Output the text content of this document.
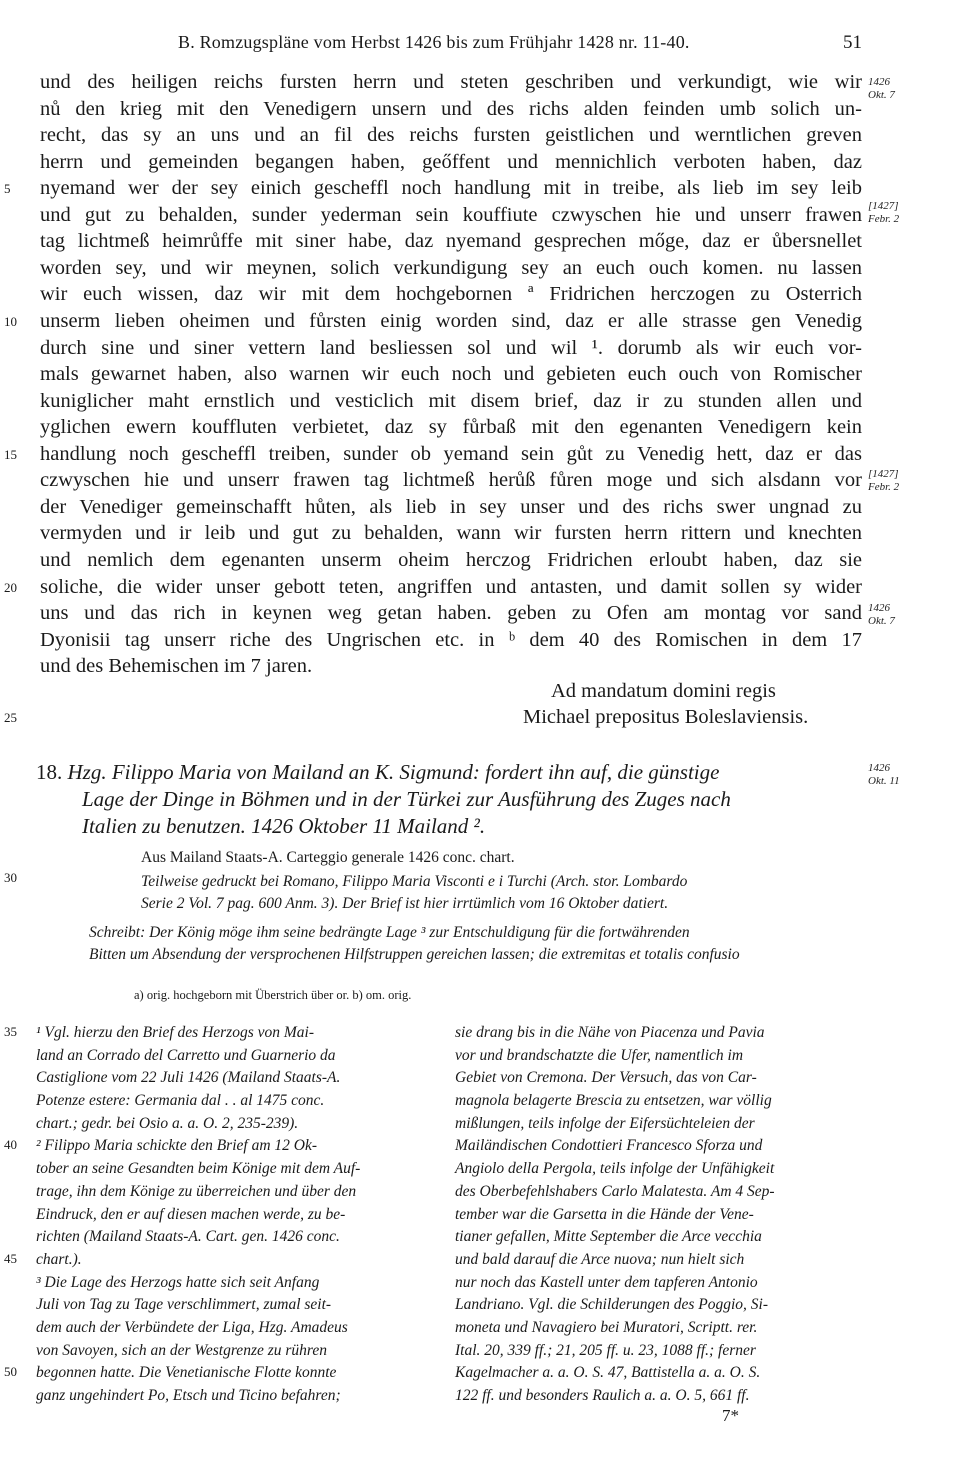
B. Romzugspläne vom Herbst 1426 bis zum Frühjahr 1428 nr. 11-40.	51
und des heiligen reichs fursten herrn und steten geschriben und verkundigt, wie wir
nů den krieg mit den Venedigern unsern und des richs alden feinden umb solich un-
recht, das sy an uns und an fil des reichs fursten geistlichen und werntlichen greven
herrn und gemeinden begangen haben, geőffent und mennichlich verboten haben, daz
nyemand wer der sey einich gescheffl noch handlung mit in treibe, als lieb im sey leib
und gut zu behalden, sunder yederman sein kouffiute czwyschen hie und unserr frawen
tag lichtmeß heimrůffe mit siner habe, daz nyemand gesprechen mőge, daz er ůbersnellet
worden sey, und wir meynen, solich verkundigung sey an euch ouch komen. nu lassen
wir euch wissen, daz wir mit dem hochgebornen ª Fridrichen herczogen zu Osterrich
unserm lieben oheimen und fůrsten einig worden sind, daz er alle strasse gen Venedig
durch sine und siner vettern land besliessen sol und wil ¹. dorumb als wir euch vor-
mals gewarnet haben, also warnen wir euch noch und gebieten euch ouch von Romischer
kuniglicher maht ernstlich und vesticlich mit disem brief, daz ir zu stunden allen und
yglichen ewern kouffluten verbietet, daz sy fůrbaß mit den egenanten Venedigern kein
handlung noch gescheffl treiben, sunder ob yemand sein gůt zu Venedig hett, daz er das
czwyschen hie und unserr frawen tag lichtmeß herůß fůren moge und sich alsdann vor
der Venediger gemeinschafft hůten, als lieb in sey unser und des richs swer ungnad zu
vermyden und ir leib und gut zu behalden, wann wir fursten herrn rittern und knechten
und nemlich dem egenanten unserm oheim herczog Fridrichen erloubt haben, daz sie
soliche, die wider unser gebott teten, angriffen und antasten, und damit sollen sy wider
uns und das rich in keynen weg getan haben. geben zu Ofen am montag vor sand
Dyonisii tag unserr riche des Ungrischen etc. in ᵇ dem 40 des Romischen in dem 17
und des Behemischen im 7 jaren.
5
10
15
20
25
1426
Okt. 7
[1427]
Febr. 2
[1427]
Febr. 2
1426
Okt. 7
1426
Okt. 11
Ad mandatum domini regis
Michael prepositus Boleslaviensis.
18. Hzg. Filippo Maria von Mailand an K. Sigmund: fordert ihn auf, die günstige
Lage der Dinge in Böhmen und in der Türkei zur Ausführung des Zuges nach
Italien zu benutzen. 1426 Oktober 11 Mailand ².
Aus Mailand Staats-A. Carteggio generale 1426 conc. chart.
30	Teilweise gedruckt bei Romano, Filippo Maria Visconti e i Turchi (Arch. stor. Lombardo
Serie 2 Vol. 7 pag. 600 Anm. 3). Der Brief ist hier irrtümlich vom 16 Oktober datiert.
Schreibt: Der König möge ihm seine bedrängte Lage ³ zur Entschuldigung für die fortwährenden
Bitten um Absendung der versprochenen Hilfstruppen gereichen lassen; die extremitas et totalis confusio
a) orig. hochgeborn mit Überstrich über or. b) om. orig.
¹ Vgl. hierzu den Brief des Herzogs von Mai-
land an Corrado del Carretto und Guarnerio da
Castiglione vom 22 Juli 1426 (Mailand Staats-A.
Potenze estere: Germania dal . . al 1475 conc.
chart.; gedr. bei Osio a. a. O. 2, 235-239).
² Filippo Maria schickte den Brief am 12 Ok-
tober an seine Gesandten beim Könige mit dem Auf-
trage, ihn dem Könige zu überreichen und über den
Eindruck, den er auf diesen machen werde, zu be-
richten (Mailand Staats-A. Cart. gen. 1426 conc.
chart.).
³ Die Lage des Herzogs hatte sich seit Anfang
Juli von Tag zu Tage verschlimmert, zumal seit-
dem auch der Verbündete der Liga, Hzg. Amadeus
von Savoyen, sich an der Westgrenze zu rühren
begonnen hatte. Die Venetianische Flotte konnte
ganz ungehindert Po, Etsch und Ticino befahren;
sie drang bis in die Nähe von Piacenza und Pavia
vor und brandschatzte die Ufer, namentlich im
Gebiet von Cremona. Der Versuch, das von Car-
magnola belagerte Brescia zu entsetzen, war völlig
mißlungen, teils infolge der Eifersüchteleien der
Mailändischen Condottieri Francesco Sforza und
Angiolo della Pergola, teils infolge der Unfähigkeit
des Oberbefehlshabers Carlo Malatesta. Am 4 Sep-
tember war die Garsetta in die Hände der Vene-
tianer gefallen, Mitte September die Arce vecchia
und bald darauf die Arce nuova; nun hielt sich
nur noch das Kastell unter dem tapferen Antonio
Landriano. Vgl. die Schilderungen des Poggio, Si-
moneta und Navagiero bei Muratori, Scriptt. rer.
Ital. 20, 339 ff.; 21, 205 ff. u. 23, 1088 ff.; ferner
Kagelmacher a. a. O. S. 47, Battistella a. a. O. S.
122 ff. und besonders Raulich a. a. O. 5, 661 ff.
35
40
45
50
7*
